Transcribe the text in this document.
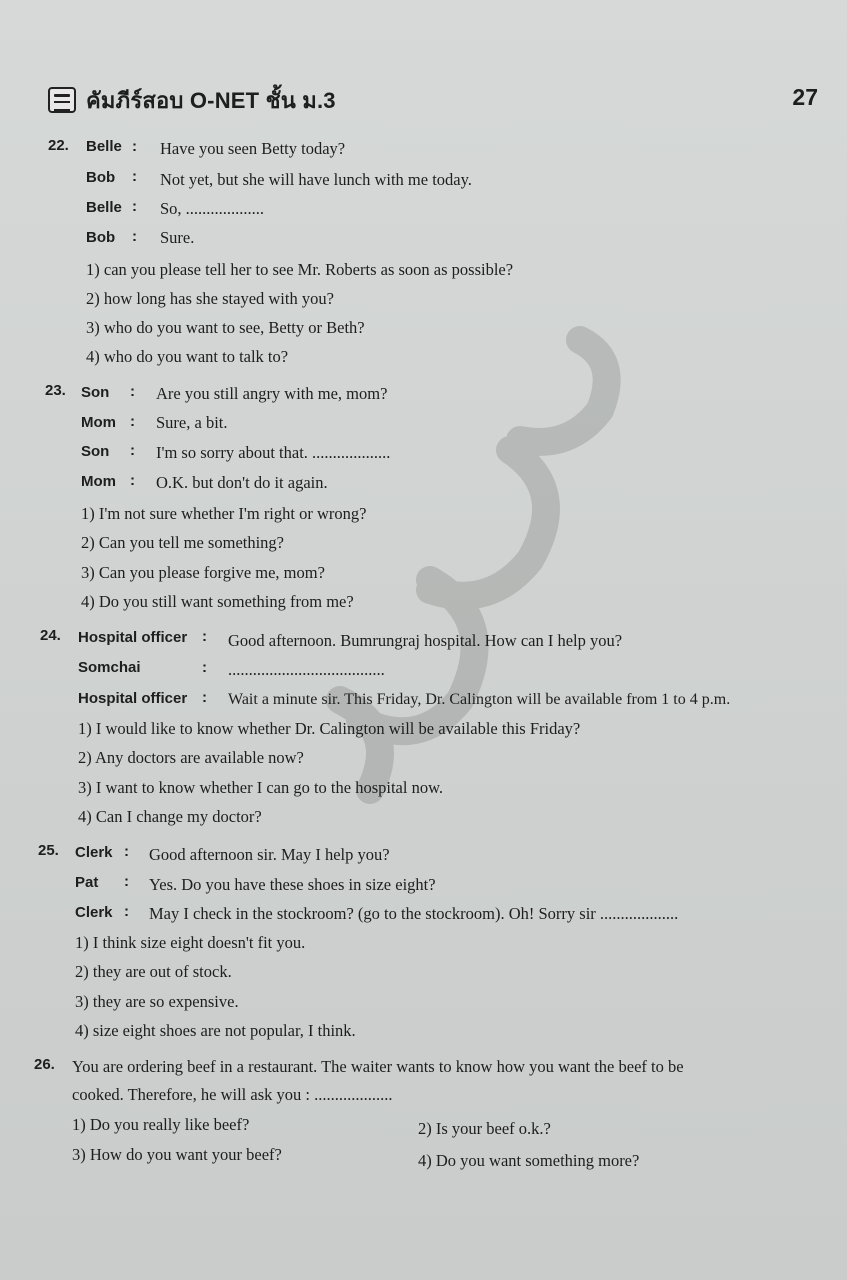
คัมภีร์สอบ O-NET ชั้น ม.3	27
22. Belle : Have you seen Betty today?
Bob : Not yet, but she will have lunch with me today.
Belle : So, ...................
Bob : Sure.
1) can you please tell her to see Mr. Roberts as soon as possible?
2) how long has she stayed with you?
3) who do you want to see, Betty or Beth?
4) who do you want to talk to?
23. Son : Are you still angry with me, mom?
Mom : Sure, a bit.
Son : I'm so sorry about that. ...................
Mom : O.K. but don't do it again.
1) I'm not sure whether I'm right or wrong?
2) Can you tell me something?
3) Can you please forgive me, mom?
4) Do you still want something from me?
24. Hospital officer : Good afternoon. Bumrungraj hospital. How can I help you?
Somchai	: ......................................
Hospital officer : Wait a minute sir. This Friday, Dr. Calington will be available from 1 to 4 p.m.
1) I would like to know whether Dr. Calington will be available this Friday?
2) Any doctors are available now?
3) I want to know whether I can go to the hospital now.
4) Can I change my doctor?
25. Clerk : Good afternoon sir. May I help you?
Pat : Yes. Do you have these shoes in size eight?
Clerk : May I check in the stockroom? (go to the stockroom). Oh! Sorry sir ...................
1) I think size eight doesn't fit you.
2) they are out of stock.
3) they are so expensive.
4) size eight shoes are not popular, I think.
26. You are ordering beef in a restaurant. The waiter wants to know how you want the beef to be
cooked. Therefore, he will ask you : ...................
1) Do you really like beef?	2) Is your beef o.k.?
3) How do you want your beef?	4) Do you want something more?
